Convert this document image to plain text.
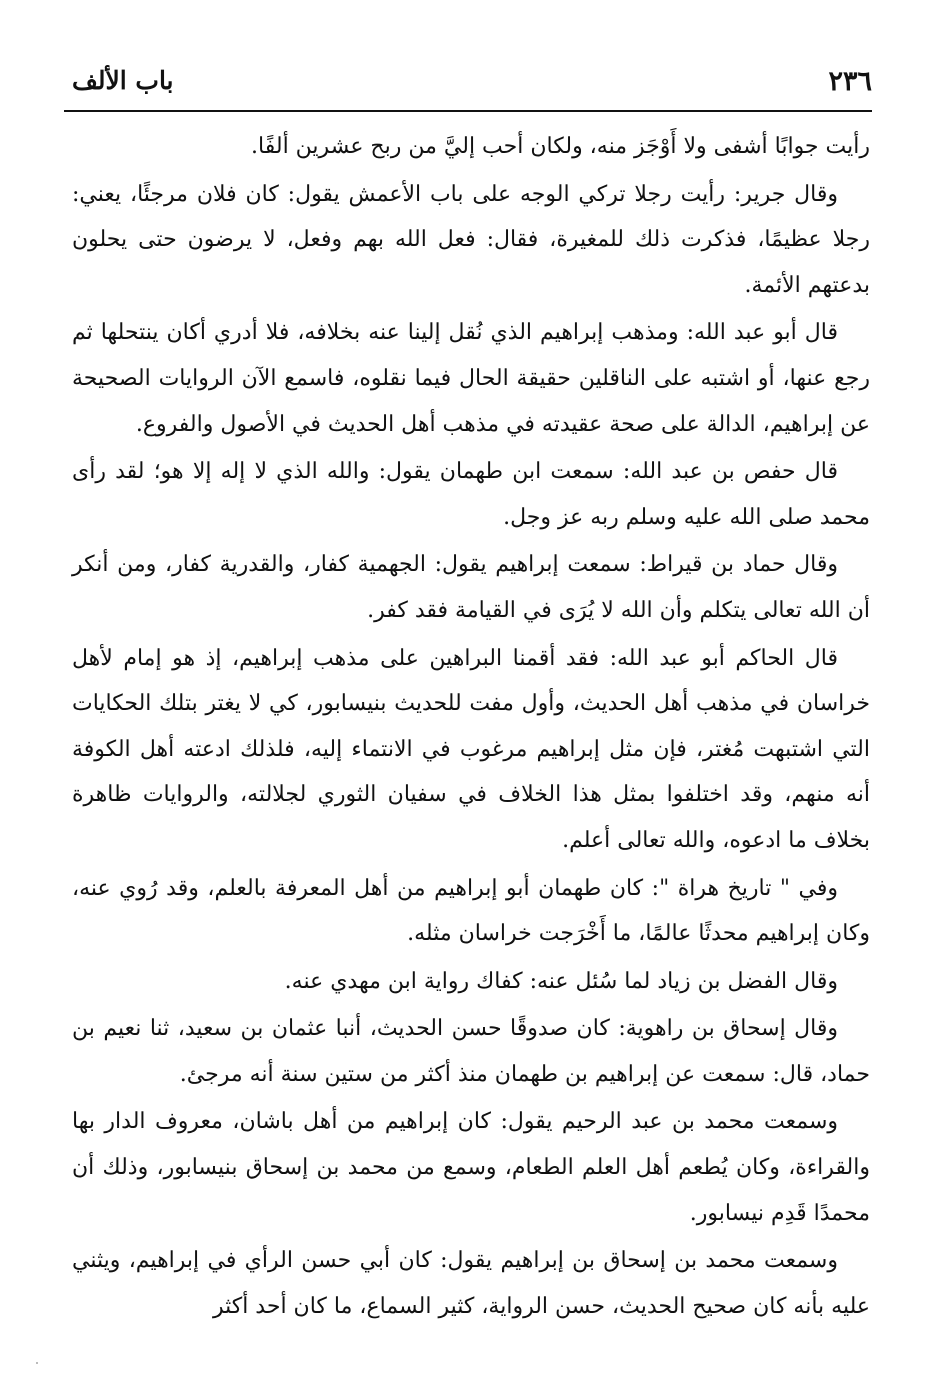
٢٣٦
باب الألف

رأيت جوابًا أشفى ولا أَوْجَز منه، ولكان أحب إليَّ من ربح عشرين ألفًا.

وقال جرير: رأيت رجلا تركي الوجه على باب الأعمش يقول: كان فلان مرجئًا، يعني: رجلا عظيمًا، فذكرت ذلك للمغيرة، فقال: فعل الله بهم وفعل، لا يرضون حتى يحلون بدعتهم الأئمة.

قال أبو عبد الله: ومذهب إبراهيم الذي نُقل إلينا عنه بخلافه، فلا أدري أكان ينتحلها ثم رجع عنها، أو اشتبه على الناقلين حقيقة الحال فيما نقلوه، فاسمع الآن الروايات الصحيحة عن إبراهيم، الدالة على صحة عقيدته في مذهب أهل الحديث في الأصول والفروع.

قال حفص بن عبد الله: سمعت ابن طهمان يقول: والله الذي لا إله إلا هو؛ لقد رأى محمد صلى الله عليه وسلم ربه عز وجل.

وقال حماد بن قيراط: سمعت إبراهيم يقول: الجهمية كفار، والقدرية كفار، ومن أنكر أن الله تعالى يتكلم وأن الله لا يُرَى في القيامة فقد كفر.

قال الحاكم أبو عبد الله: فقد أقمنا البراهين على مذهب إبراهيم، إذ هو إمام لأهل خراسان في مذهب أهل الحديث، وأول مفت للحديث بنيسابور، كي لا يغتر بتلك الحكايات التي اشتبهت مُغتر، فإن مثل إبراهيم مرغوب في الانتماء إليه، فلذلك ادعته أهل الكوفة أنه منهم، وقد اختلفوا بمثل هذا الخلاف في سفيان الثوري لجلالته، والروايات ظاهرة بخلاف ما ادعوه، والله تعالى أعلم.

وفي " تاريخ هراة ": كان طهمان أبو إبراهيم من أهل المعرفة بالعلم، وقد رُوي عنه، وكان إبراهيم محدثًا عالمًا، ما أَخْرَجت خراسان مثله.

وقال الفضل بن زياد لما سُئل عنه: كفاك رواية ابن مهدي عنه.

وقال إسحاق بن راهوية: كان صدوقًا حسن الحديث، أنبا عثمان بن سعيد، ثنا نعيم بن حماد، قال: سمعت عن إبراهيم بن طهمان منذ أكثر من ستين سنة أنه مرجئ.

وسمعت محمد بن عبد الرحيم يقول: كان إبراهيم من أهل باشان، معروف الدار بها والقراءة، وكان يُطعم أهل العلم الطعام، وسمع من محمد بن إسحاق بنيسابور، وذلك أن محمدًا قَدِم نيسابور.

وسمعت محمد بن إسحاق بن إبراهيم يقول: كان أبي حسن الرأي في إبراهيم، ويثني عليه بأنه كان صحيح الحديث، حسن الرواية، كثير السماع، ما كان أحد أكثر
